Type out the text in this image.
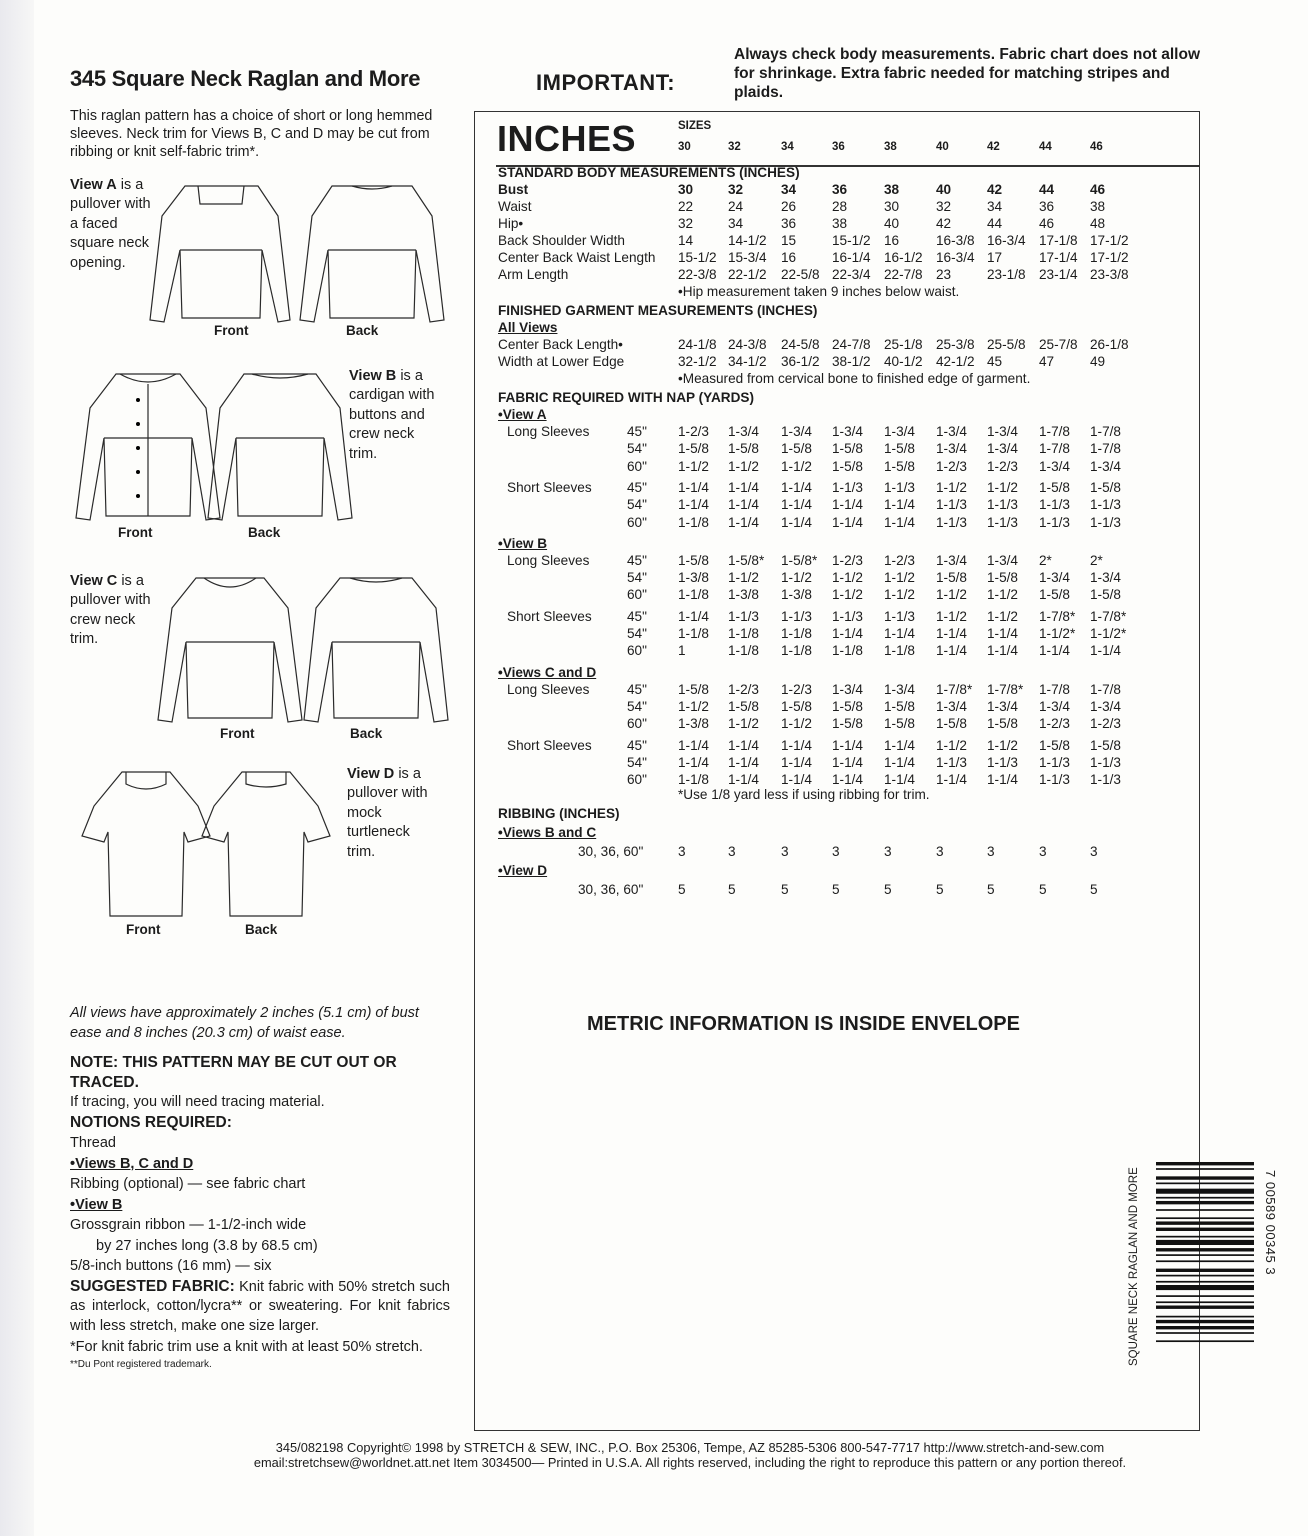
345 Square Neck Raglan and More

This raglan pattern has a choice of short or long hemmed sleeves. Neck trim for Views B, C and D may be cut from ribbing or knit self-fabric trim*.

View A is a pullover with a faced square neck opening.
Front	Back
View B is a cardigan with buttons and crew neck trim.
Front	Back
View C is a pullover with crew neck trim.
Front	Back
View D is a pullover with mock turtleneck trim.
Front	Back

All views have approximately 2 inches (5.1 cm) of bust ease and 8 inches (20.3 cm) of waist ease.

NOTE: THIS PATTERN MAY BE CUT OUT OR TRACED.
If tracing, you will need tracing material.
NOTIONS REQUIRED:
Thread
•Views B, C and D
Ribbing (optional) — see fabric chart
•View B
Grossgrain ribbon — 1-1/2-inch wide
by 27 inches long (3.8 by 68.5 cm)
5/8-inch buttons (16 mm) — six
SUGGESTED FABRIC: Knit fabric with 50% stretch such as interlock, cotton/lycra** or sweatering. For knit fabrics with less stretch, make one size larger.
*For knit fabric trim use a knit with at least 50% stretch.
**Du Pont registered trademark.
IMPORTANT:
Always check body measurements. Fabric chart does not allow for shrinkage. Extra fabric needed for matching stripes and plaids.
INCHES	SIZES
30	32	34	36	38	40	42	44	46
STANDARD BODY MEASUREMENTS (INCHES)
Bust	30	32	34	36	38	40	42	44	46
Waist	22	24	26	28	30	32	34	36	38
Hip•	32	34	36	38	40	42	44	46	48
Back Shoulder Width	14	14-1/2 15	15-1/2 16	16-3/8 16-3/4 17-1/8 17-1/2
Center Back Waist Length 15-1/2 15-3/4 16	16-1/4 16-1/2 16-3/4 17	17-1/4 17-1/2
Arm Length	22-3/8 22-1/2 22-5/8 22-3/4 22-7/8 23	23-1/8 23-1/4 23-3/8
•Hip measurement taken 9 inches below waist.
FINISHED GARMENT MEASUREMENTS (INCHES)
All Views
Center Back Length•	24-1/8 24-3/8 24-5/8 24-7/8 25-1/8 25-3/8 25-5/8 25-7/8 26-1/8
Width at Lower Edge	32-1/2 34-1/2 36-1/2 38-1/2 40-1/2 42-1/2 45	47	49
•Measured from cervical bone to finished edge of garment.
FABRIC REQUIRED WITH NAP (YARDS)
•View A
Long Sleeves	45" 1-2/3 1-3/4 1-3/4 1-3/4 1-3/4 1-3/4 1-3/4 1-7/8 1-7/8
54" 1-5/8 1-5/8 1-5/8 1-5/8 1-5/8 1-3/4 1-3/4 1-7/8 1-7/8
60" 1-1/2 1-1/2 1-1/2 1-5/8 1-5/8 1-2/3 1-2/3 1-3/4 1-3/4
Short Sleeves	45" 1-1/4 1-1/4 1-1/4 1-1/3 1-1/3 1-1/2 1-1/2 1-5/8 1-5/8
54" 1-1/4 1-1/4 1-1/4 1-1/4 1-1/4 1-1/3 1-1/3 1-1/3 1-1/3
60" 1-1/8 1-1/4 1-1/4 1-1/4 1-1/4 1-1/3 1-1/3 1-1/3 1-1/3
•View B
Long Sleeves	45" 1-5/8 1-5/8* 1-5/8* 1-2/3 1-2/3 1-3/4 1-3/4 2*	2*
54" 1-3/8 1-1/2 1-1/2 1-1/2 1-1/2 1-5/8 1-5/8 1-3/4 1-3/4
60" 1-1/8 1-3/8 1-3/8 1-1/2 1-1/2 1-1/2 1-1/2 1-5/8 1-5/8
Short Sleeves	45" 1-1/4 1-1/3 1-1/3 1-1/3 1-1/3 1-1/2 1-1/2 1-7/8* 1-7/8*
54" 1-1/8 1-1/8 1-1/8 1-1/4 1-1/4 1-1/4 1-1/4 1-1/2* 1-1/2*
60" 1	1-1/8 1-1/8 1-1/8 1-1/8 1-1/4 1-1/4 1-1/4 1-1/4
•Views C and D
Long Sleeves	45" 1-5/8 1-2/3 1-2/3 1-3/4 1-3/4 1-7/8* 1-7/8* 1-7/8 1-7/8
54" 1-1/2 1-5/8 1-5/8 1-5/8 1-5/8 1-3/4 1-3/4 1-3/4 1-3/4
60" 1-3/8 1-1/2 1-1/2 1-5/8 1-5/8 1-5/8 1-5/8 1-2/3 1-2/3
Short Sleeves	45" 1-1/4 1-1/4 1-1/4 1-1/4 1-1/4 1-1/2 1-1/2 1-5/8 1-5/8
54" 1-1/4 1-1/4 1-1/4 1-1/4 1-1/4 1-1/3 1-1/3 1-1/3 1-1/3
60" 1-1/8 1-1/4 1-1/4 1-1/4 1-1/4 1-1/4 1-1/4 1-1/3 1-1/3
*Use 1/8 yard less if using ribbing for trim.
RIBBING (INCHES)
•Views B and C
30, 36, 60"	3	3	3	3	3	3	3	3	3
•View D
30, 36, 60"	5	5	5	5	5	5	5	5	5
METRIC INFORMATION IS INSIDE ENVELOPE
SQUARE NECK RAGLAN AND MORE	7 00589 00345 3
345/082198 Copyright© 1998 by STRETCH & SEW, INC., P.O. Box 25306, Tempe, AZ 85285-5306 800-547-7717 http://www.stretch-and-sew.com
email:stretchsew@worldnet.att.net Item 3034500— Printed in U.S.A. All rights reserved, including the right to reproduce this pattern or any portion thereof.
